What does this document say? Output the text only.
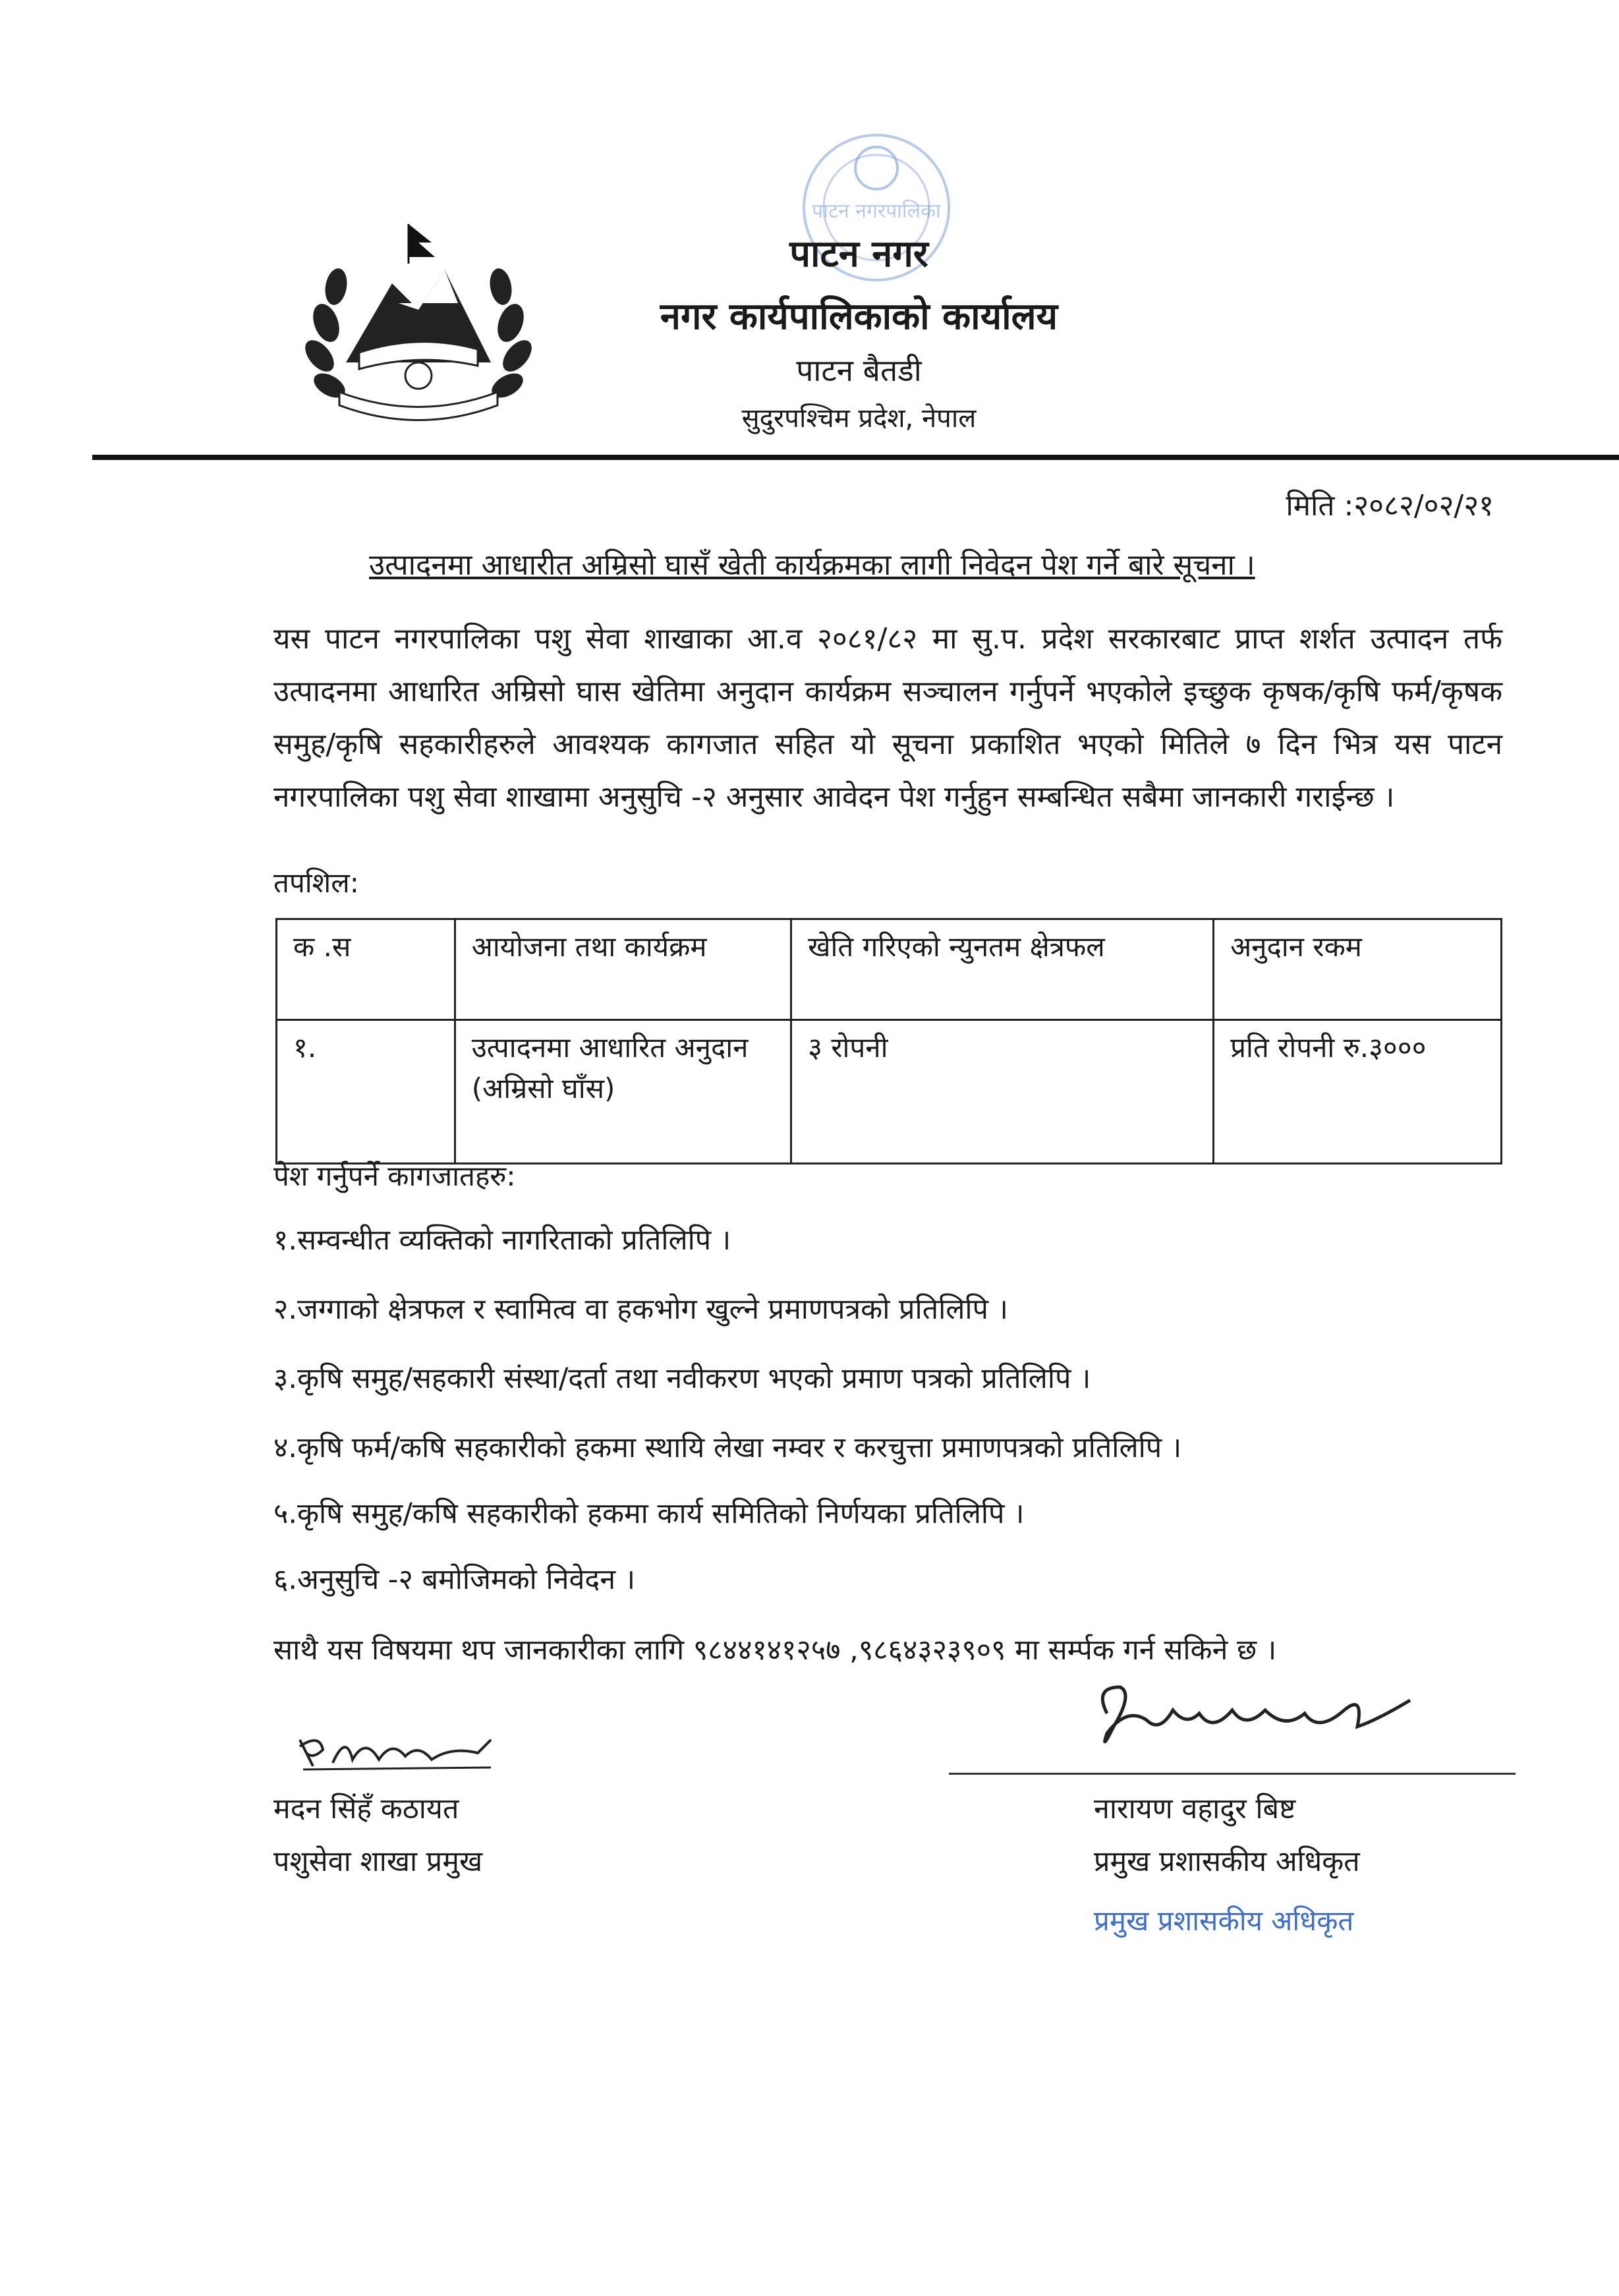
पाटन नगरपालिका
पाटन नगर
नगर कार्यपालिकाको कार्यालय
पाटन बैतडी
सुदुरपश्चिम प्रदेश, नेपाल
मिति :२०८२/०२/२१
उत्पादनमा आधारीत अम्रिसो घासँ खेती कार्यक्रमका लागी निवेदन पेश गर्ने बारे सूचना ।
यस पाटन नगरपालिका पशु सेवा शाखाका आ.व २०८१/८२ मा सु.प. प्रदेश सरकारबाट प्राप्त शर्शत उत्पादन तर्फ उत्पादनमा आधारित अम्रिसो घास खेतिमा अनुदान कार्यक्रम सञ्चालन गर्नुपर्ने भएकोले इच्छुक कृषक/कृषि फर्म/कृषक समुह/कृषि सहकारीहरुले आवश्यक कागजात सहित यो सूचना प्रकाशित भएको मितिले ७ दिन भित्र यस पाटन नगरपालिका पशु सेवा शाखामा अनुसुचि -२ अनुसार आवेदन पेश गर्नुहुन सम्बन्धित सबैमा जानकारी गराईन्छ ।
तपशिल:
क .स	आयोजना तथा कार्यक्रम	खेति गरिएको न्युनतम क्षेत्रफल	अनुदान रकम
१.	उत्पादनमा आधारित अनुदान (अम्रिसो घाँस)	३ रोपनी	प्रति रोपनी रु.३०००
पेश गर्नुपर्ने कागजातहरु:
१.सम्वन्धीत व्यक्तिको नागरिताको प्रतिलिपि ।
२.जग्गाको क्षेत्रफल र स्वामित्व वा हकभोग खुल्ने प्रमाणपत्रको प्रतिलिपि ।
३.कृषि समुह/सहकारी संस्था/दर्ता तथा नवीकरण भएको प्रमाण पत्रको प्रतिलिपि ।
४.कृषि फर्म/कषि सहकारीको हकमा स्थायि लेखा नम्वर र करचुत्ता प्रमाणपत्रको प्रतिलिपि ।
५.कृषि समुह/कषि सहकारीको हकमा कार्य समितिको निर्णयका प्रतिलिपि ।
६.अनुसुचि -२ बमोजिमको निवेदन ।
साथै यस विषयमा थप जानकारीका लागि ९८४४१४१२५७ ,९८६४३२३९०९ मा सर्म्पक गर्न सकिने छ ।
मदन सिंहँ कठायत
पशुसेवा शाखा प्रमुख
नारायण वहादुर बिष्ट
प्रमुख प्रशासकीय अधिकृत
प्रमुख प्रशासकीय अधिकृत
